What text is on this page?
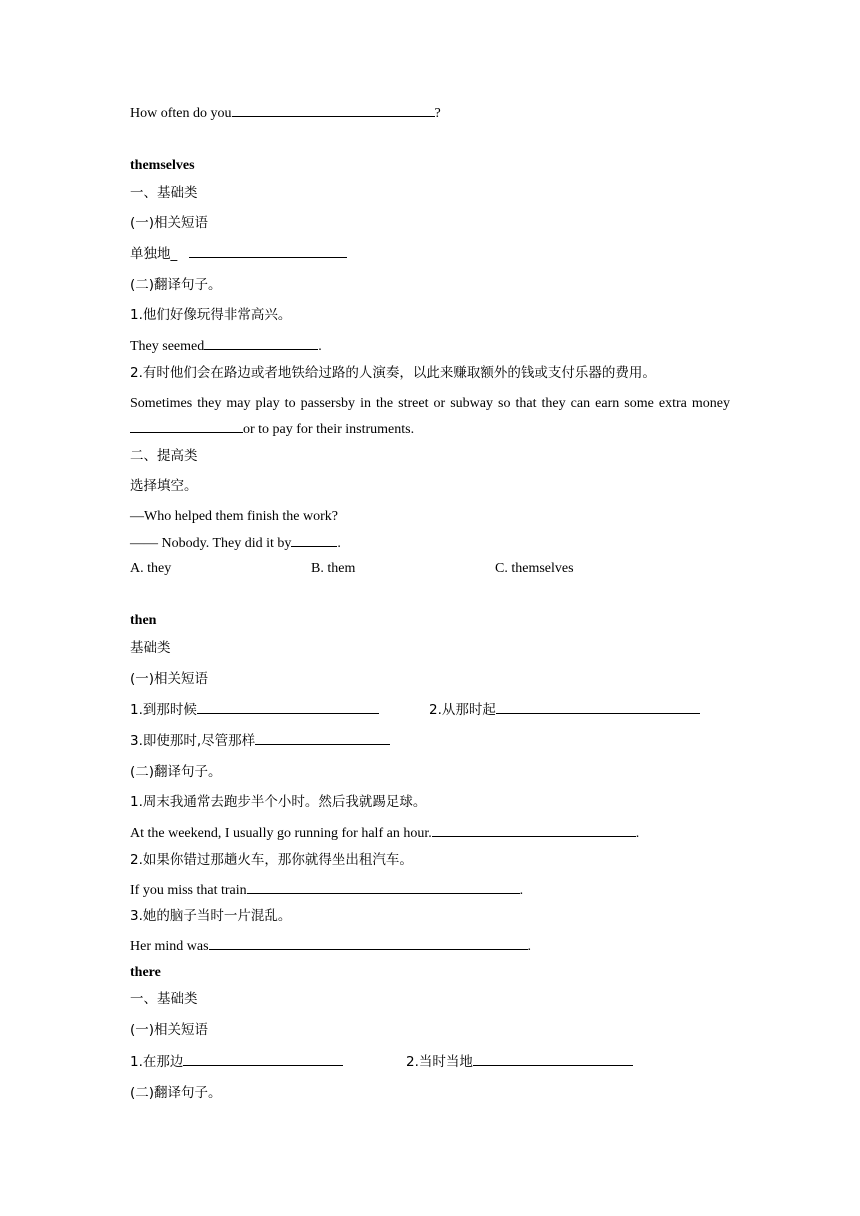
How often do you	?
themselves
一、基础类
(一)相关短语
单独地_
(二)翻译句子。
1.他们好像玩得非常高兴。
They seemed	.
2.有时他们会在路边或者地铁给过路的人演奏，以此来赚取额外的钱或支付乐器的费用。
Sometimes they may play to passersby in the street or subway so that they can earn some extra moneyor to pay for their instruments.
二、提高类
选择填空。
—Who helped them finish the work?
—— Nobody. They did it by	.
A. they	B. them	C. themselves
then
基础类
(一)相关短语
1.到那时候	2.从那时起
3.即使那时,尽管那样
(二)翻译句子。
1.周末我通常去跑步半个小时。然后我就踢足球。
At the weekend, I usually go running for half an hour.	.
2.如果你错过那趟火车，那你就得坐出租汽车。
If you miss that train	.
3.她的脑子当时一片混乱。
Her mind was	.
there
一、基础类
(一)相关短语
1.在那边	2.当时当地
(二)翻译句子。
